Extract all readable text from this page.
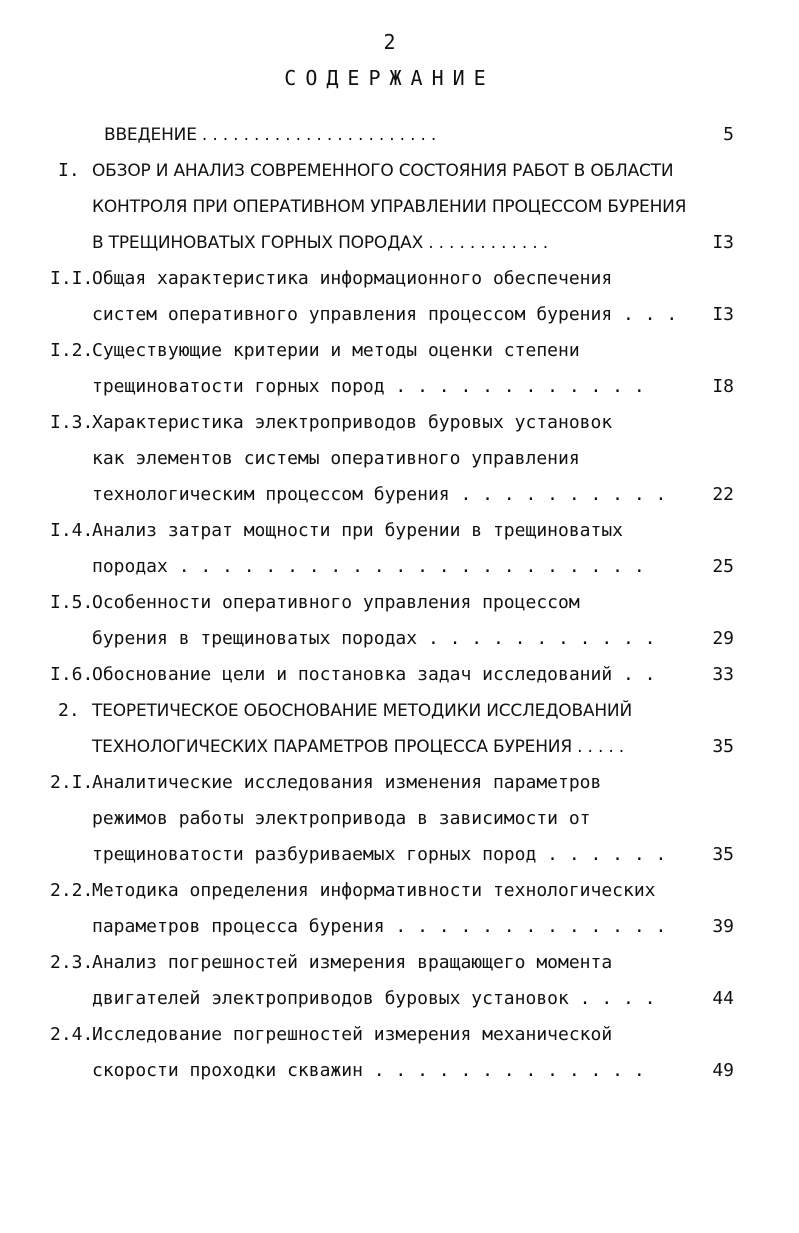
2
СОДЕРЖАНИЕ
ВВЕДЕНИЕ . . . . . . . . . . . . . . . . . . . . . . .	5
I. ОБЗОР И АНАЛИЗ СОВРЕМЕННОГО СОСТОЯНИЯ РАБОТ В ОБЛАСТИ
КОНТРОЛЯ ПРИ ОПЕРАТИВНОМ УПРАВЛЕНИИ ПРОЦЕССОМ БУРЕНИЯ
В ТРЕЩИНОВАТЫХ ГОРНЫХ ПОРОДАХ . . . . . . . . . . . .	I3
I.I.
Общая характеристика информационного обеспечения
систем оперативного управления процессом бурения . . .	I3
I.2.
Существующие критерии и методы оценки степени
трещиноватости горных пород . . . . . . . . . . . .	I8
I.3.
Характеристика электроприводов буровых установок
как элементов системы оперативного управления
технологическим процессом бурения . . . . . . . . . .	22
I.4.
Анализ затрат мощности при бурении в трещиноватых
породах . . . . . . . . . . . . . . . . . . . . . .	25
I.5.
Особенности оперативного управления процессом
бурения в трещиноватых породах . . . . . . . . . . .	29
I.6.
Обоснование цели и постановка задач исследований . .	33
2. ТЕОРЕТИЧЕСКОЕ ОБОСНОВАНИЕ МЕТОДИКИ ИССЛЕДОВАНИЙ
ТЕХНОЛОГИЧЕСКИХ ПАРАМЕТРОВ ПРОЦЕССА БУРЕНИЯ . . . . .	35
2.I.
Аналитические исследования изменения параметров
режимов работы электропривода в зависимости от
трещиноватости разбуриваемых горных пород . . . . . .	35
2.2.
Методика определения информативности технологических
параметров процесса бурения . . . . . . . . . . . . .	39
2.3.
Анализ погрешностей измерения вращающего момента
двигателей электроприводов буровых установок . . . .	44
2.4.
Исследование погрешностей измерения механической
скорости проходки скважин . . . . . . . . . . . . .	49
